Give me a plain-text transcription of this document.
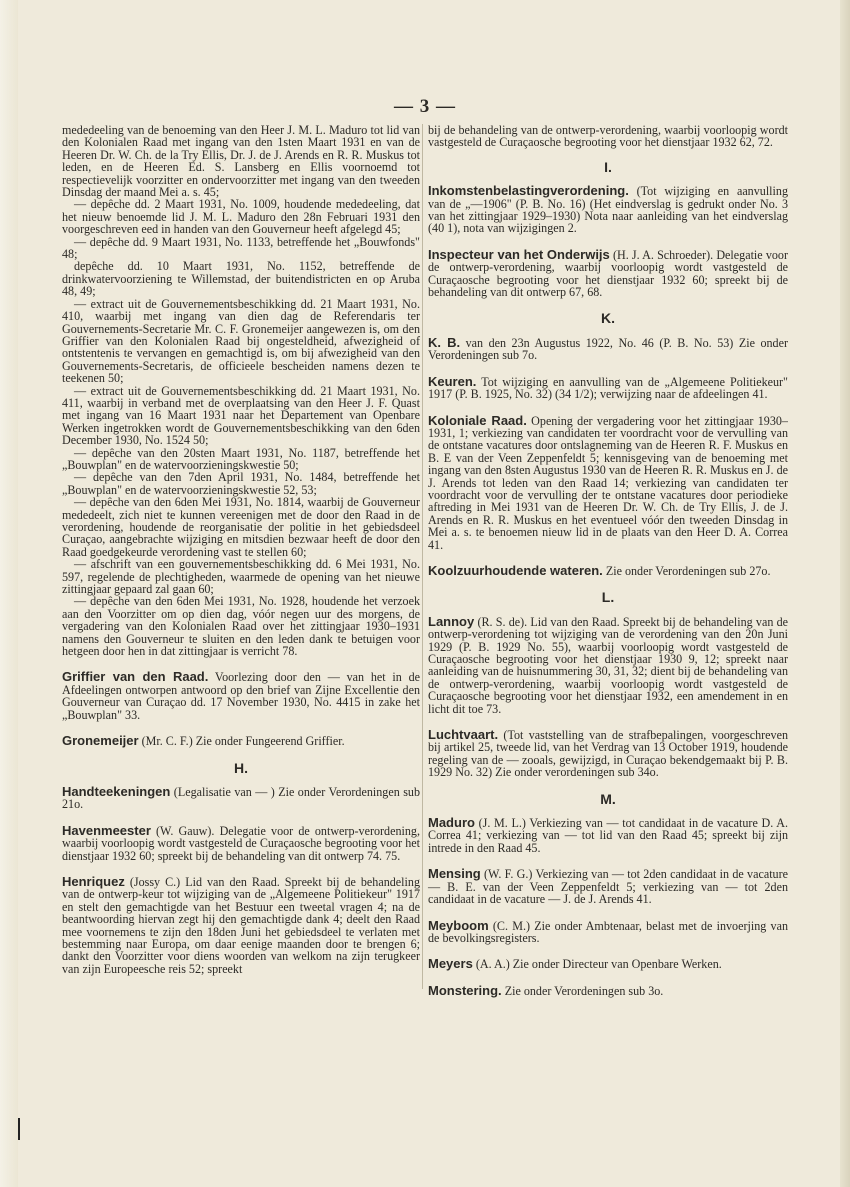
— 3 —

mededeeling van de benoeming van den Heer J. M. L. Maduro tot lid van den Kolonialen Raad met ingang van den 1sten Maart 1931 en van de Heeren Dr. W. Ch. de la Try Ellis, Dr. J. de J. Arends en R. R. Muskus tot leden, en de Heeren Ed. S. Lansberg en Ellis voornoemd tot respectievelijk voorzitter en ondervoorzitter met ingang van den tweeden Dinsdag der maand Mei a. s. 45;

— depêche dd. 2 Maart 1931, No. 1009, houdende mededeeling, dat het nieuw benoemde lid J. M. L. Maduro den 28n Februari 1931 den voorgeschreven eed in handen van den Gouverneur heeft afgelegd 45;

— depêche dd. 9 Maart 1931, No. 1133, betreffende het „Bouwfonds" 48;

depêche dd. 10 Maart 1931, No. 1152, betreffende de drinkwatervoorziening te Willemstad, der buitendistricten en op Aruba 48, 49;

— extract uit de Gouvernementsbeschikking dd. 21 Maart 1931, No. 410, waarbij met ingang van dien dag de Referendaris ter Gouvernements-Secretarie Mr. C. F. Gronemeijer aangewezen is, om den Griffier van den Kolonialen Raad bij ongesteldheid, afwezigheid of ontstentenis te vervangen en gemachtigd is, om bij afwezigheid van den Gouvernements-Secretaris, de officieele bescheiden namens dezen te teekenen 50;

— extract uit de Gouvernementsbeschikking dd. 21 Maart 1931, No. 411, waarbij in verband met de overplaatsing van den Heer J. F. Quast met ingang van 16 Maart 1931 naar het Departement van Openbare Werken ingetrokken wordt de Gouvernementsbeschikking van den 6den December 1930, No. 1524 50;

— depêche van den 20sten Maart 1931, No. 1187, betreffende het „Bouwplan" en de watervoorzieningskwestie 50;

— depêche van den 7den April 1931, No. 1484, betreffende het „Bouwplan" en de watervoorzieningskwestie 52, 53;

— depêche van den 6den Mei 1931, No. 1814, waarbij de Gouverneur mededeelt, zich niet te kunnen vereenigen met de door den Raad in de verordening, houdende de reorganisatie der politie in het gebiedsdeel Curaçao, aangebrachte wijziging en mitsdien bezwaar heeft de door den Raad goedgekeurde verordening vast te stellen 60;

— afschrift van een gouvernementsbeschikking dd. 6 Mei 1931, No. 597, regelende de plechtigheden, waarmede de opening van het nieuwe zittingjaar gepaard zal gaan 60;

— depêche van den 6den Mei 1931, No. 1928, houdende het verzoek aan den Voorzitter om op dien dag, vóór negen uur des morgens, de vergadering van den Kolonialen Raad over het zittingjaar 1930–1931 namens den Gouverneur te sluiten en den leden dank te betuigen voor hetgeen door hen in dat zittingjaar is verricht 78.

Griffier van den Raad. Voorlezing door den — van het in de Afdeelingen ontworpen antwoord op den brief van Zijne Excellentie den Gouverneur van Curaçao dd. 17 November 1930, No. 4415 in zake het „Bouwplan" 33.
Gronemeijer (Mr. C. F.) Zie onder Fungeerend Griffier.
H.
Handteekeningen (Legalisatie van — ) Zie onder Verordeningen sub 21o.
Havenmeester (W. Gauw). Delegatie voor de ontwerp-verordening, waarbij voorloopig wordt vastgesteld de Curaçaosche begrooting voor het dienstjaar 1932 60; spreekt bij de behandeling van dit ontwerp 74. 75.
Henriquez (Jossy C.) Lid van den Raad. Spreekt bij de behandeling van de ontwerp-keur tot wijziging van de „Algemeene Politiekeur" 1917 en stelt den gemachtigde van het Bestuur een tweetal vragen 4; na de beantwoording hiervan zegt hij den gemachtigde dank 4; deelt den Raad mee voornemens te zijn den 18den Juni het gebiedsdeel te verlaten met bestemming naar Europa, om daar eenige maanden door te brengen 6; dankt den Voorzitter voor diens woorden van welkom na zijn terugkeer van zijn Europeesche reis 52; spreekt

bij de behandeling van de ontwerp-verordening, waarbij voorloopig wordt vastgesteld de Curaçaosche begrooting voor het dienstjaar 1932 62, 72.

I.
Inkomstenbelastingverordening. (Tot wijziging en aanvulling van de „—1906" (P. B. No. 16) (Het eindverslag is gedrukt onder No. 3 van het zittingjaar 1929–1930) Nota naar aanleiding van het eindverslag (40 1), nota van wijzigingen 2.
Inspecteur van het Onderwijs (H. J. A. Schroeder). Delegatie voor de ontwerp-verordening, waarbij voorloopig wordt vastgesteld de Curaçaosche begrooting voor het dienstjaar 1932 60; spreekt bij de behandeling van dit ontwerp 67, 68.
K.
K. B. van den 23n Augustus 1922, No. 46 (P. B. No. 53) Zie onder Verordeningen sub 7o.
Keuren. Tot wijziging en aanvulling van de „Algemeene Politiekeur" 1917 (P. B. 1925, No. 32) (34 1/2); verwijzing naar de afdeelingen 41.
Koloniale Raad. Opening der vergadering voor het zittingjaar 1930–1931, 1; verkiezing van candidaten ter voordracht voor de vervulling van de ontstane vacatures door ontslagneming van de Heeren R. F. Muskus en B. E van der Veen Zeppenfeldt 5; kennisgeving van de benoeming met ingang van den 8sten Augustus 1930 van de Heeren R. R. Muskus en J. de J. Arends tot leden van den Raad 14; verkiezing van candidaten ter voordracht voor de vervulling der te ontstane vacatures door periodieke aftreding in Mei 1931 van de Heeren Dr. W. Ch. de Try Ellis, J. de J. Arends en R. R. Muskus en het eventueel vóór den tweeden Dinsdag in Mei a. s. te benoemen nieuw lid in de plaats van den Heer D. A. Correa 41.
Koolzuurhoudende wateren. Zie onder Verordeningen sub 27o.
L.
Lannoy (R. S. de). Lid van den Raad. Spreekt bij de behandeling van de ontwerp-verordening tot wijziging van de verordening van den 20n Juni 1929 (P. B. 1929 No. 55), waarbij voorloopig wordt vastgesteld de Curaçaosche begrooting voor het dienstjaar 1930 9, 12; spreekt naar aanleiding van de huisnummering 30, 31, 32; dient bij de behandeling van de ontwerp-verordening, waarbij voorloopig wordt vastgesteld de Curaçaosche begrooting voor het dienstjaar 1932, een amendement in en licht dit toe 73.
Luchtvaart. (Tot vaststelling van de strafbepalingen, voorgeschreven bij artikel 25, tweede lid, van het Verdrag van 13 October 1919, houdende regeling van de — zooals, gewijzigd, in Curaçao bekendgemaakt bij P. B. 1929 No. 32) Zie onder verordeningen sub 34o.
M.
Maduro (J. M. L.) Verkiezing van — tot candidaat in de vacature D. A. Correa 41; verkiezing van — tot lid van den Raad 45; spreekt bij zijn intrede in den Raad 45.
Mensing (W. F. G.) Verkiezing van — tot 2den candidaat in de vacature — B. E. van der Veen Zeppenfeldt 5; verkiezing van — tot 2den candidaat in de vacature — J. de J. Arends 41.
Meyboom (C. M.) Zie onder Ambtenaar, belast met de invoerjing van de bevolkingsregisters.
Meyers (A. A.) Zie onder Directeur van Openbare Werken.
Monstering. Zie onder Verordeningen sub 3o.
